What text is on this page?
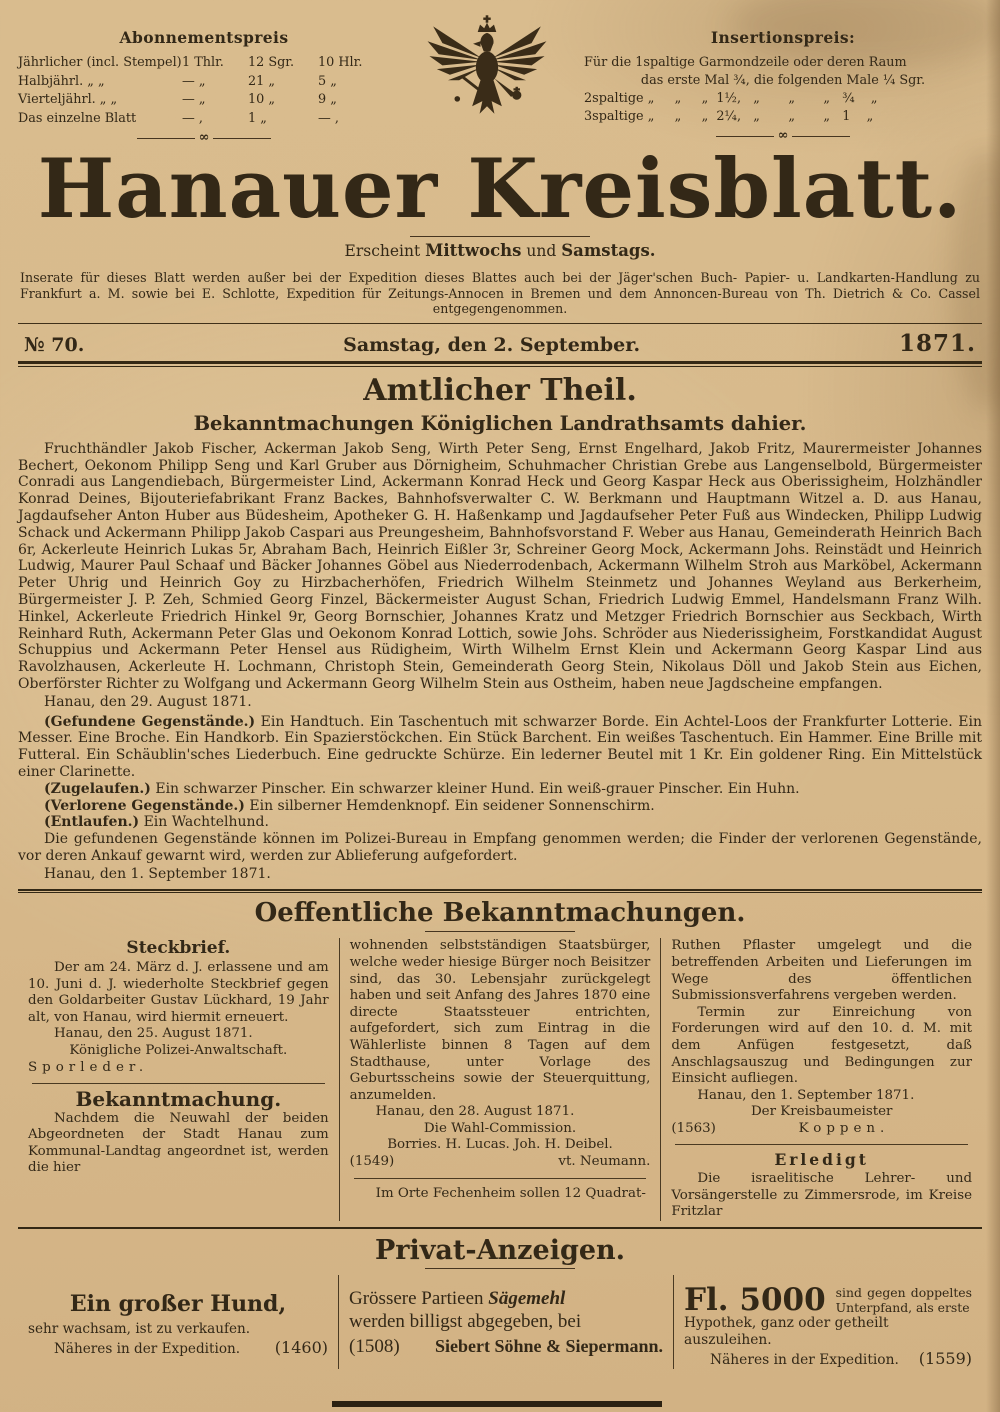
Abonnementspreis
Jährlicher (incl. Stempel) 1 Thlr.	12 Sgr.	10 Hlr.
Halbjährl. „ „	— „	21 „	5 „
Vierteljährl. „ „	— „	10 „	9 „
Das einzelne Blatt	— ,	1 „	— ,
∞
Insertionspreis:
Für die 1spaltige Garmondzeile oder deren Raum
das erste Mal ¾, die folgenden Male ¼ Sgr.
2spaltige „     „     „  1½,   „       „       „   ¾    „
3spaltige „     „     „  2¼,   „       „       „   1    „
∞
Hanauer Kreisblatt.
Erscheint Mittwochs und Samstags.

Inserate für dieses Blatt werden außer bei der Expedition dieses Blattes auch bei der Jäger'schen Buch- Papier- u. Landkarten-Handlung zu Frankfurt a. M. sowie bei E. Schlotte, Expedition für Zeitungs-Annocen in Bremen und dem Annoncen-Bureau von Th. Dietrich & Co. Cassel entgegengenommen.

№ 70.	Samstag, den 2. September.	1871.
Amtlicher Theil.
Bekanntmachungen Königlichen Landrathsamts dahier.

Fruchthändler Jakob Fischer, Ackerman Jakob Seng, Wirth Peter Seng, Ernst Engelhard, Jakob Fritz, Maurermeister Johannes Bechert, Oekonom Philipp Seng und Karl Gruber aus Dörnigheim, Schuhmacher Christian Grebe aus Langenselbold, Bürgermeister Conradi aus Langendiebach, Bürgermeister Lind, Ackermann Konrad Heck und Georg Kaspar Heck aus Oberissigheim, Holzhändler Konrad Deines, Bijouteriefabrikant Franz Backes, Bahnhofsverwalter C. W. Berkmann und Hauptmann Witzel a. D. aus Hanau, Jagdaufseher Anton Huber aus Büdesheim, Apotheker G. H. Haßenkamp und Jagdaufseher Peter Fuß aus Windecken, Philipp Ludwig Schack und Ackermann Philipp Jakob Caspari aus Preungesheim, Bahnhofsvorstand F. Weber aus Hanau, Gemeinderath Heinrich Bach 6r, Ackerleute Heinrich Lukas 5r, Abraham Bach, Heinrich Eißler 3r, Schreiner Georg Mock, Ackermann Johs. Reinstädt und Heinrich Ludwig, Maurer Paul Schaaf und Bäcker Johannes Göbel aus Niederrodenbach, Ackermann Wilhelm Stroh aus Marköbel, Ackermann Peter Uhrig und Heinrich Goy zu Hirzbacherhöfen, Friedrich Wilhelm Steinmetz und Johannes Weyland aus Berkerheim, Bürgermeister J. P. Zeh, Schmied Georg Finzel, Bäckermeister August Schan, Friedrich Ludwig Emmel, Handelsmann Franz Wilh. Hinkel, Ackerleute Friedrich Hinkel 9r, Georg Bornschier, Johannes Kratz und Metzger Friedrich Bornschier aus Seckbach, Wirth Reinhard Ruth, Ackermann Peter Glas und Oekonom Konrad Lottich, sowie Johs. Schröder aus Niederissigheim, Forstkandidat August Schuppius und Ackermann Peter Hensel aus Rüdigheim, Wirth Wilhelm Ernst Klein und Ackermann Georg Kaspar Lind aus Ravolzhausen, Ackerleute H. Lochmann, Christoph Stein, Gemeinderath Georg Stein, Nikolaus Döll und Jakob Stein aus Eichen, Oberförster Richter zu Wolfgang und Ackermann Georg Wilhelm Stein aus Ostheim, haben neue Jagdscheine empfangen.

Hanau, den 29. August 1871.

(Gefundene Gegenstände.) Ein Handtuch. Ein Taschentuch mit schwarzer Borde. Ein Achtel-Loos der Frankfurter Lotterie. Ein Messer. Eine Broche. Ein Handkorb. Ein Spazierstöckchen. Ein Stück Barchent. Ein weißes Taschentuch. Ein Hammer. Eine Brille mit Futteral. Ein Schäublin'sches Liederbuch. Eine gedruckte Schürze. Ein lederner Beutel mit 1 Kr. Ein goldener Ring. Ein Mittelstück einer Clarinette.

(Zugelaufen.) Ein schwarzer Pinscher. Ein schwarzer kleiner Hund. Ein weiß-grauer Pinscher. Ein Huhn.

(Verlorene Gegenstände.) Ein silberner Hemdenknopf. Ein seidener Sonnenschirm.

(Entlaufen.) Ein Wachtelhund.

Die gefundenen Gegenstände können im Polizei-Bureau in Empfang genommen werden; die Finder der verlorenen Gegenstände, vor deren Ankauf gewarnt wird, werden zur Ablieferung aufgefordert.

Hanau, den 1. September 1871.

Oeffentliche Bekanntmachungen.
Steckbrief.

Der am 24. März d. J. erlassene und am 10. Juni d. J. wiederholte Steckbrief gegen den Goldarbeiter Gustav Lückhard, 19 Jahr alt, von Hanau, wird hiermit erneuert.

Hanau, den 25. August 1871.

Königliche Polizei-Anwaltschaft.

Sporleder.

Bekanntmachung.

Nachdem die Neuwahl der beiden Abgeordneten der Stadt Hanau zum Kommunal-Landtag angeordnet ist, werden die hier

wohnenden selbstständigen Staatsbürger, welche weder hiesige Bürger noch Beisitzer sind, das 30. Lebensjahr zurückgelegt haben und seit Anfang des Jahres 1870 eine directe Staatssteuer entrichten, aufgefordert, sich zum Eintrag in die Wählerliste binnen 8 Tagen auf dem Stadthause, unter Vorlage des Geburtsscheins sowie der Steuerquittung, anzumelden.

Hanau, den 28. August 1871.

Die Wahl-Commission.

Borries. H. Lucas. Joh. H. Deibel.

(1549)	vt. Neumann.

Im Orte Fechenheim sollen 12 Quadrat-

Ruthen Pflaster umgelegt und die betreffenden Arbeiten und Lieferungen im Wege des öffentlichen Submissionsverfahrens vergeben werden.

Termin zur Einreichung von Forderungen wird auf den 10. d. M. mit dem Anfügen festgesetzt, daß Anschlagsauszug und Bedingungen zur Einsicht aufliegen.

Hanau, den 1. September 1871.

Der Kreisbaumeister

(1563)	Koppen.
Erledigt

Die israelitische Lehrer- und Vorsängerstelle zu Zimmersrode, im Kreise Fritzlar

Privat-Anzeigen.
Ein großer Hund,

sehr wachsam, ist zu verkaufen.

Näheres in der Expedition. (1460)

Grössere Partieen Sägemehl

werden billigst abgegeben, bei

(1508) Siebert Söhne & Siepermann.
Fl. 5000 sind gegen doppeltes Unterpfand, als erste

Hypothek, ganz oder getheilt auszuleihen.

Näheres in der Expedition. (1559)
